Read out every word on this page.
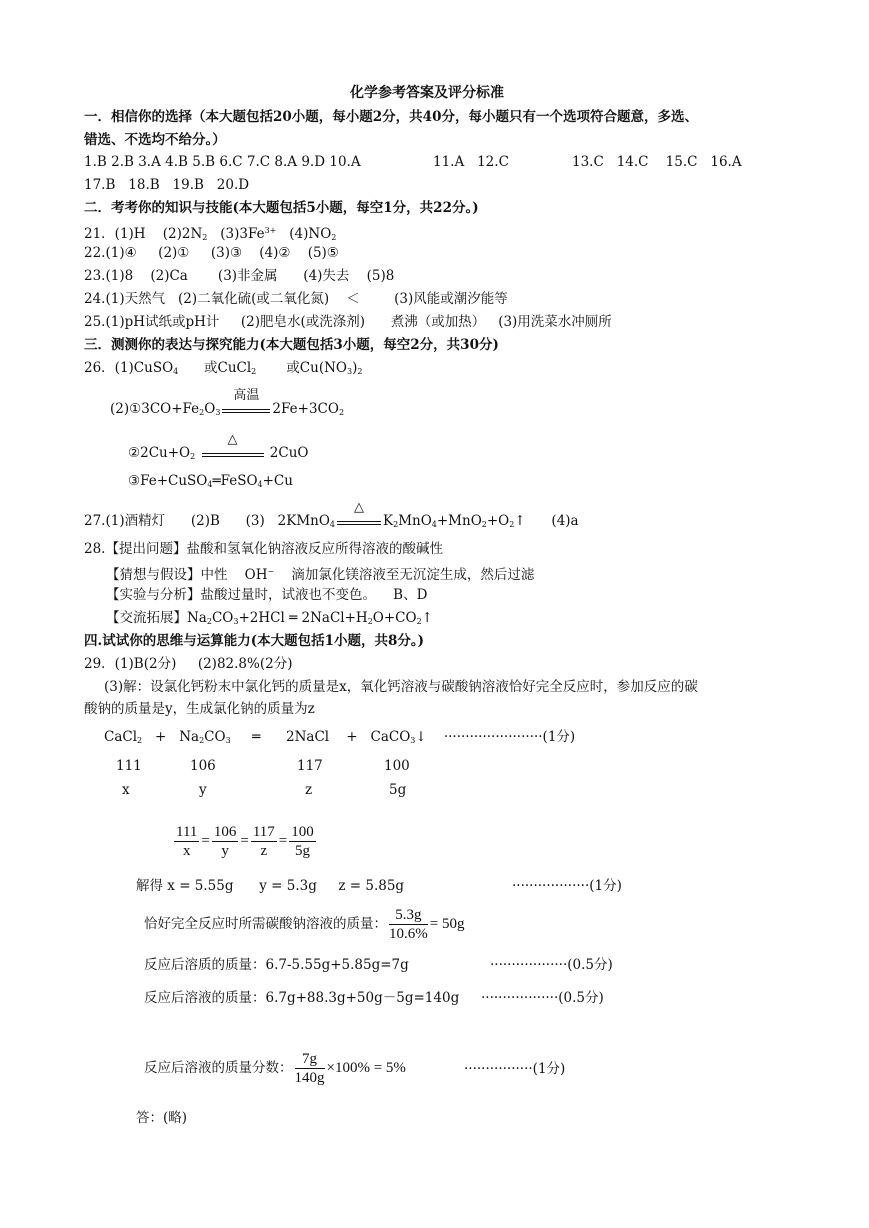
化学参考答案及评分标准
一．相信你的选择（本大题包括20小题，每小题2分，共40分，每小题只有一个选项符合题意，多选、
错选、不选均不给分。）
1.B 2.B 3.A 4.B 5.B 6.C 7.C 8.A 9.D 10.A	11.A 12.C	13.C 14.C 15.C 16.A
17.B 18.B 19.B 20.D
二．考考你的知识与技能(本大题包括5小题，每空1分，共22分。)
21．(1)H $(2)2N_2$ $(3)3Fe^{3+}$ $(4)NO_2$
22.(1)④ (2)① (3)③ (4)② (5)⑤
23.(1)8 (2)Ca (3)非金属 (4)失去 (5)8
24.(1)天然气 (2)二氧化硫(或二氧化氮) ＜	(3)风能或潮汐能等
25.(1)pH试纸或pH计 (2)肥皂水(或洗涤剂) 煮沸（或加热） (3)用洗菜水冲厕所
三．测测你的表达与探究能力(本大题包括3小题，每空2分，共30分)
26．(1)CuSO$_4$ 或CuCl$_2$ 或$Cu(NO_3)_2$
$(2)①3CO+Fe_2O_3$
高温
$2Fe+3CO_2$
$②2Cu+O_2$
△
2CuO
③Fe+CuSO$_4$═FeSO$_4$+Cu
27.(1)酒精灯 (2)B (3) 2KMnO$_4$
△
$K_2MnO_4+MnO_2+O_2↑$ (4)a
28.【提出问题】盐酸和氢氧化钠溶液反应所得溶液的酸碱性
【猜想与假设】中性 OH− 滴加氯化镁溶液至无沉淀生成，然后过滤
【实验与分析】盐酸过量时，试液也不变色。 B、D
【交流拓展】$Na_2CO_3+2HCl$ ═ $2NaCl+H_2O+CO_2↑$
四.试试你的思维与运算能力(本大题包括1小题，共8分。)
29．(1)B(2分) (2)82.8%(2分)
(3)解：设氯化钙粉末中氯化钙的质量是x，氧化钙溶液与碳酸钠溶液恰好完全反应时，参加反应的碳
酸钠的质量是y，生成氯化钠的质量为z
CaCl$_2$ + $Na_2CO_3$ ═ 2NaCl + CaCO$_3$↓ ·······················(1分)
111	106	117	100
x	y	z	5g
$\frac{111}{x} = \frac{106}{y} = \frac{117}{z} = \frac{100}{5g}$
解得 x = 5.55g y = 5.3g z = 5.85g	··················(1分)
恰好完全反应时所需碳酸钠溶液的质量： $\frac{5.3g}{10.6\%} = 50g$
反应后溶质的质量：6.7-5.55g+5.85g=7g	··················(0.5分)
反应后溶液的质量：6.7g+88.3g+50g－5g=140g ··················(0.5分)
反应后溶液的质量分数： $\frac{7g}{140g} \times 100\% = 5\%$	················(1分)
答：(略)
